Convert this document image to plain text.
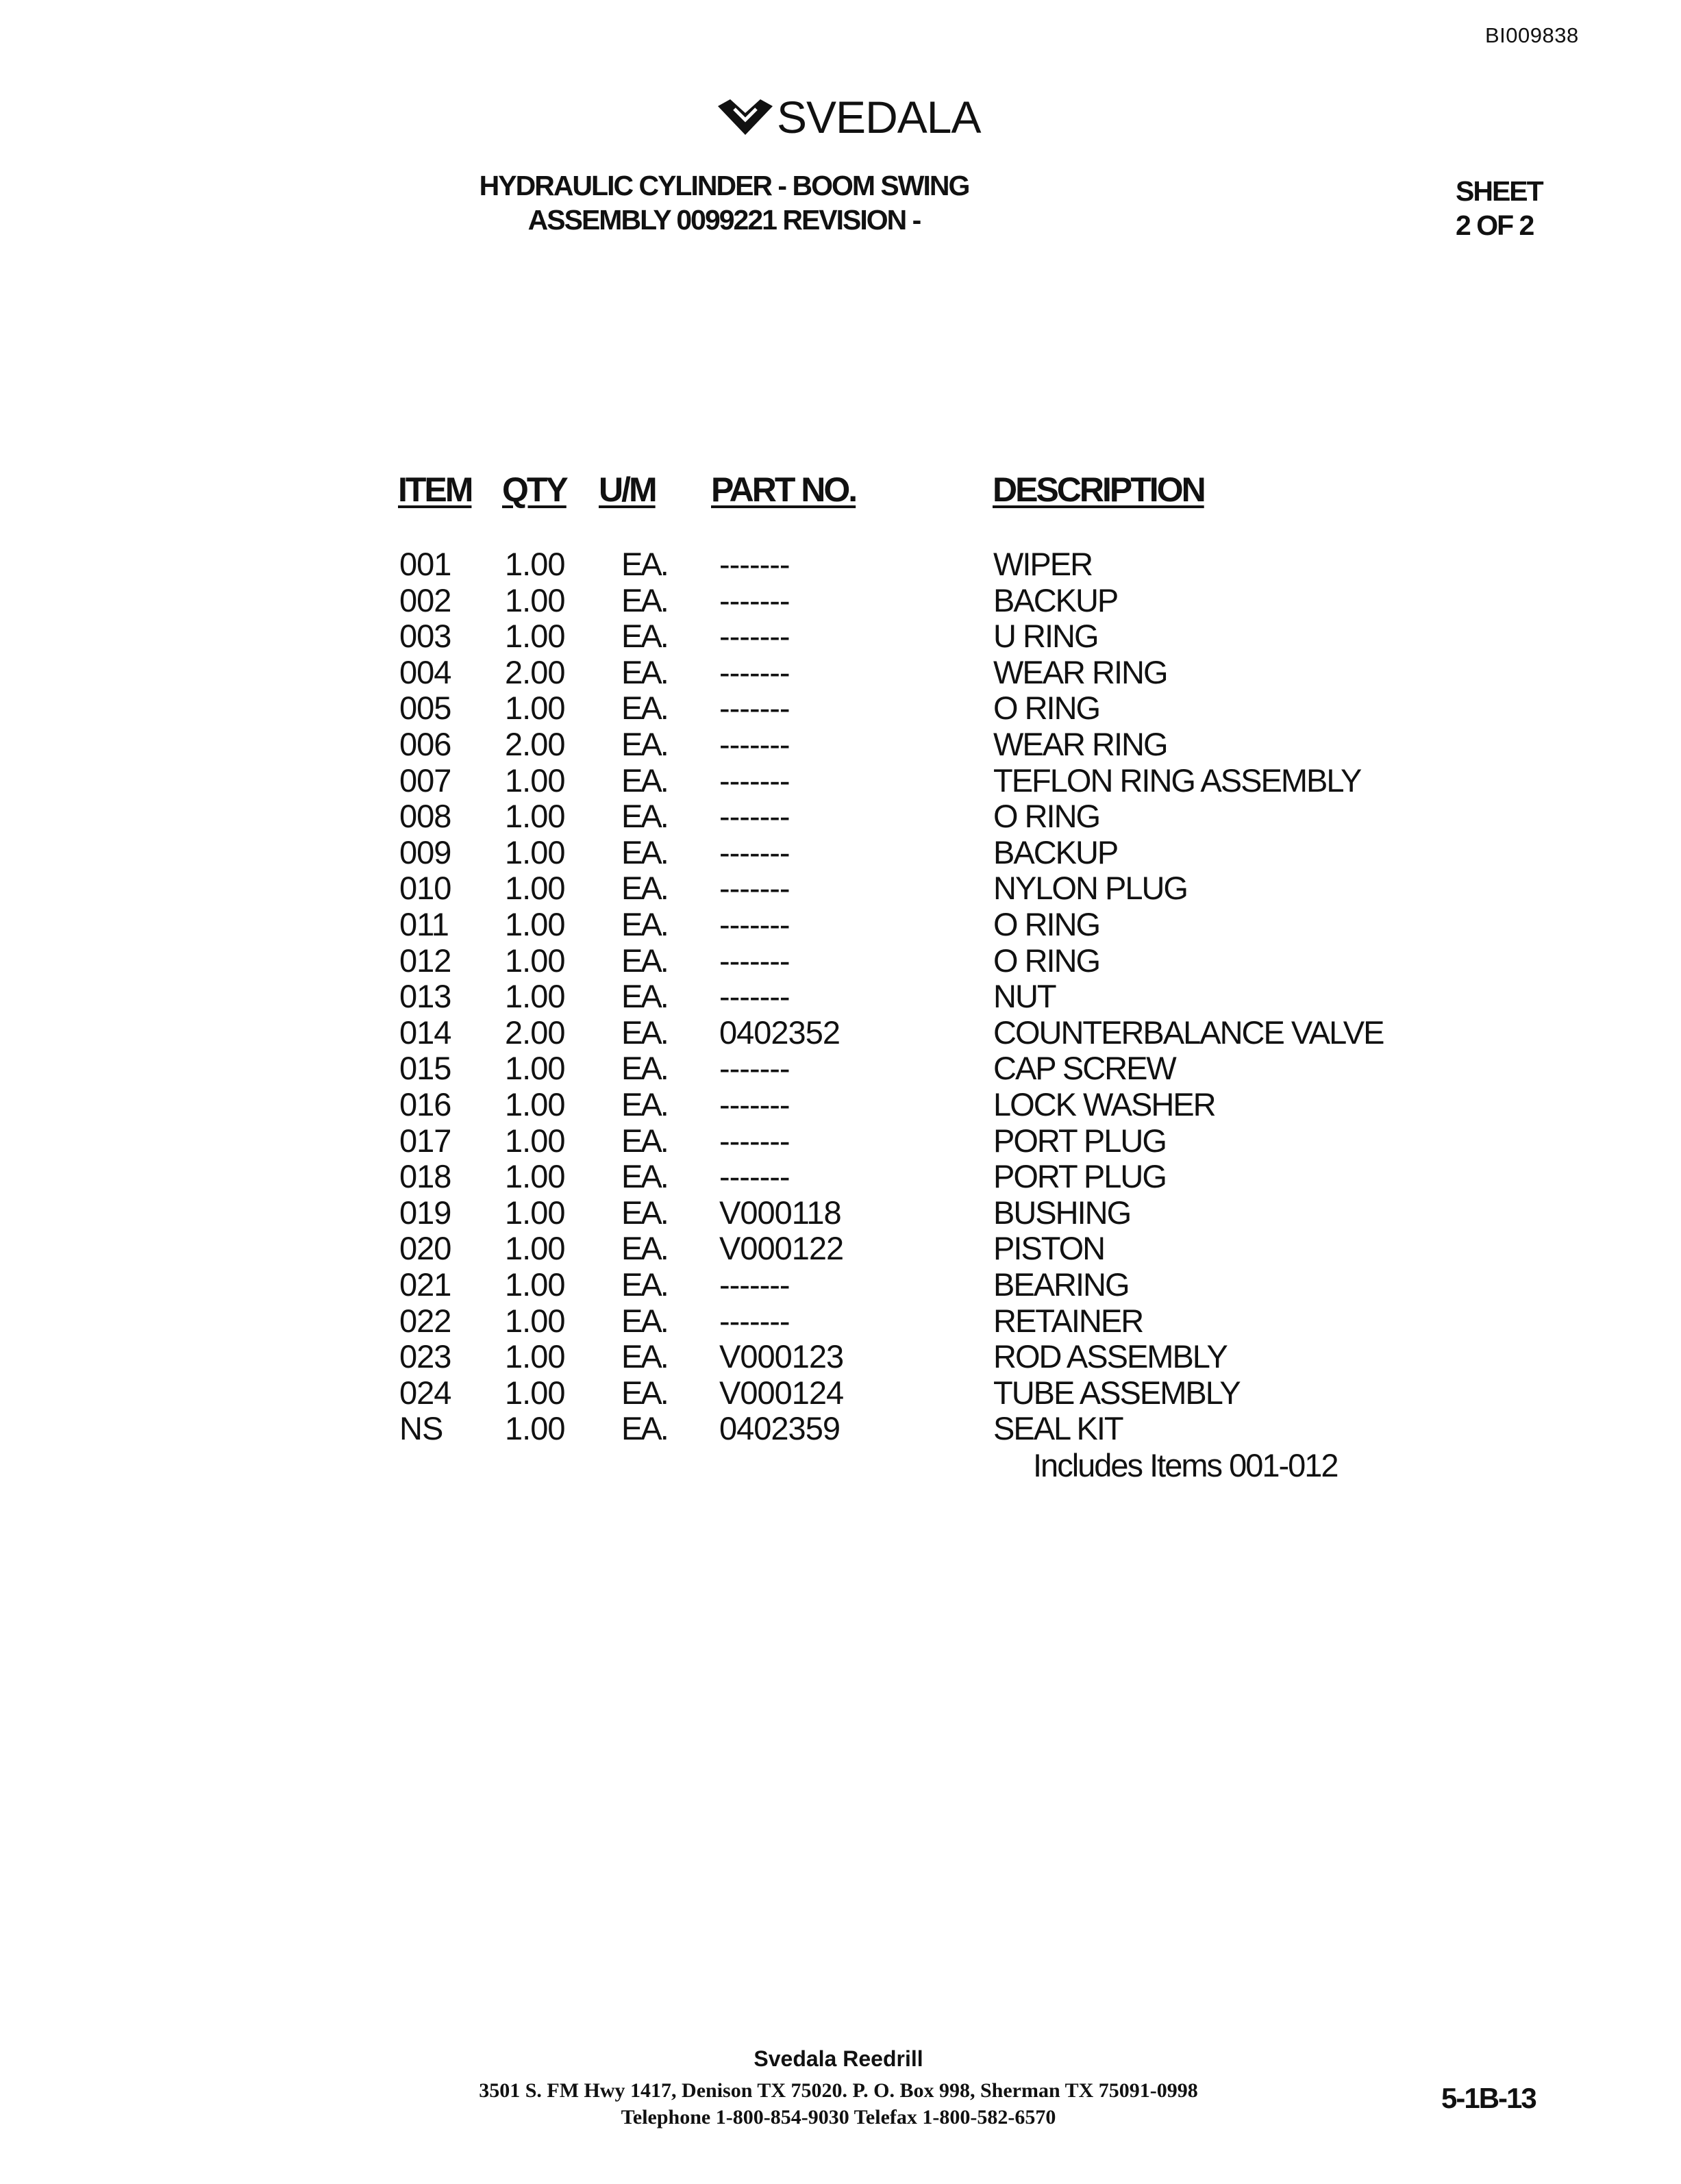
BI009838
SVEDALA
HYDRAULIC CYLINDER - BOOM SWING
ASSEMBLY 0099221 REVISION -
SHEET
2 OF 2
ITEM QTY U/M PART NO.	DESCRIPTION
001 1.00 EA. -------	WIPER
002 1.00 EA. -------	BACKUP
003 1.00 EA. -------	U RING
004 2.00 EA. -------	WEAR RING
005 1.00 EA. -------	O RING
006 2.00 EA. -------	WEAR RING
007 1.00 EA. -------	TEFLON RING ASSEMBLY
008 1.00 EA. -------	O RING
009 1.00 EA. -------	BACKUP
010 1.00 EA. -------	NYLON PLUG
011 1.00 EA. -------	O RING
012 1.00 EA. -------	O RING
013 1.00 EA. -------	NUT
014 2.00 EA. 0402352	COUNTERBALANCE VALVE
015 1.00 EA. -------	CAP SCREW
016 1.00 EA. -------	LOCK WASHER
017 1.00 EA. -------	PORT PLUG
018 1.00 EA. -------	PORT PLUG
019 1.00 EA. V000118	BUSHING
020 1.00 EA. V000122	PISTON
021 1.00 EA. -------	BEARING
022 1.00 EA. -------	RETAINER
023 1.00 EA. V000123	ROD ASSEMBLY
024 1.00 EA. V000124	TUBE ASSEMBLY
NS 1.00 EA. 0402359	SEAL KIT
Includes Items 001-012
Svedala Reedrill
3501 S. FM Hwy 1417, Denison TX 75020. P. O. Box 998, Sherman TX 75091-0998
Telephone 1-800-854-9030 Telefax 1-800-582-6570
5-1B-13
